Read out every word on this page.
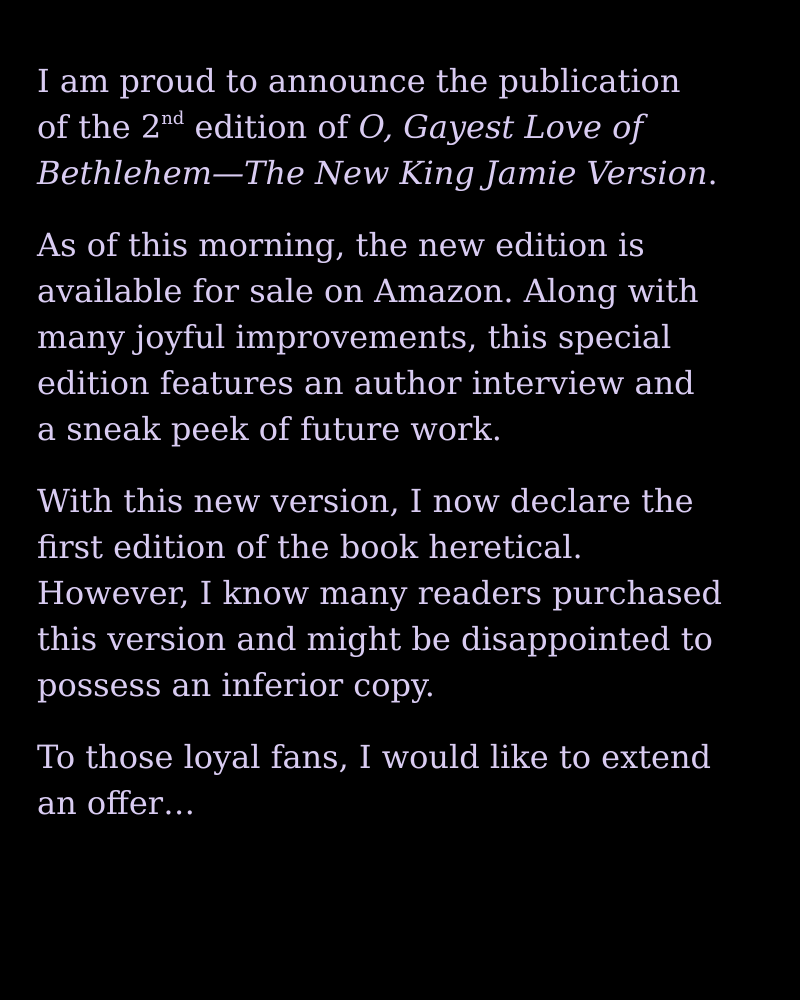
I am proud to announce the publication
of the 2nd edition of O, Gayest Love of
Bethlehem—The New King Jamie Version.

As of this morning, the new edition is
available for sale on Amazon. Along with
many joyful improvements, this special
edition features an author interview and
a sneak peek of future work.

With this new version, I now declare the
first edition of the book heretical.
However, I know many readers purchased
this version and might be disappointed to
possess an inferior copy.

To those loyal fans, I would like to extend
an offer…
